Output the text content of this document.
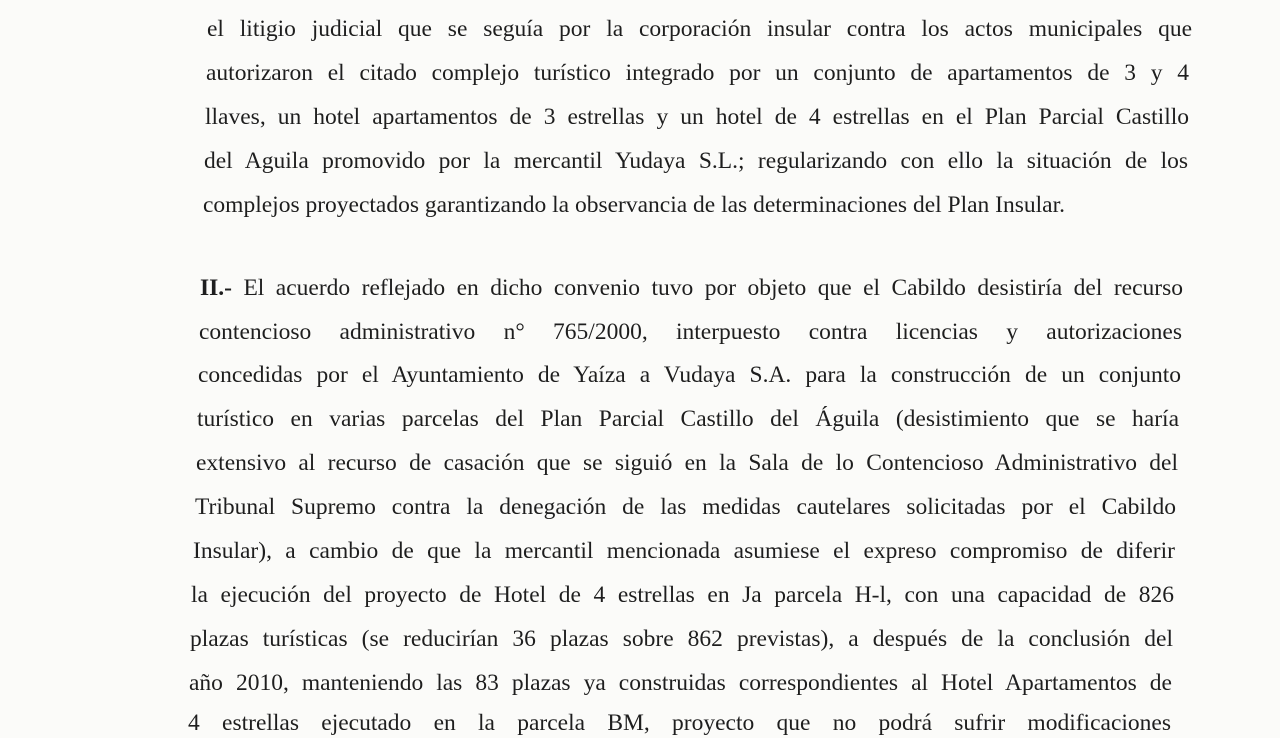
el litigio judicial que se seguía por la corporación insular contra los actos municipales que
autorizaron el citado complejo turístico integrado por un conjunto de apartamentos de 3 y 4
llaves, un hotel apartamentos de 3 estrellas y un hotel de 4 estrellas en el Plan Parcial Castillo
del Aguila promovido por la mercantil Yudaya S.L.; regularizando con ello la situación de los
complejos proyectados garantizando la observancia de las determinaciones del Plan Insular.
II.- El acuerdo reflejado en dicho convenio tuvo por objeto que el Cabildo desistiría del recurso
contencioso administrativo n° 765/2000, interpuesto contra licencias y autorizaciones
concedidas por el Ayuntamiento de Yaíza a Vudaya S.A. para la construcción de un conjunto
turístico en varias parcelas del Plan Parcial Castillo del Águila (desistimiento que se haría
extensivo al recurso de casación que se siguió en la Sala de lo Contencioso Administrativo del
Tribunal Supremo contra la denegación de las medidas cautelares solicitadas por el Cabildo
Insular), a cambio de que la mercantil mencionada asumiese el expreso compromiso de diferir
la ejecución del proyecto de Hotel de 4 estrellas en Ja parcela H-l, con una capacidad de 826
plazas turísticas (se reducirían 36 plazas sobre 862 previstas), a después de la conclusión del
año 2010, manteniendo las 83 plazas ya construidas correspondientes al Hotel Apartamentos de
4 estrellas ejecutado en la parcela BM, proyecto que no podrá sufrir modificaciones
